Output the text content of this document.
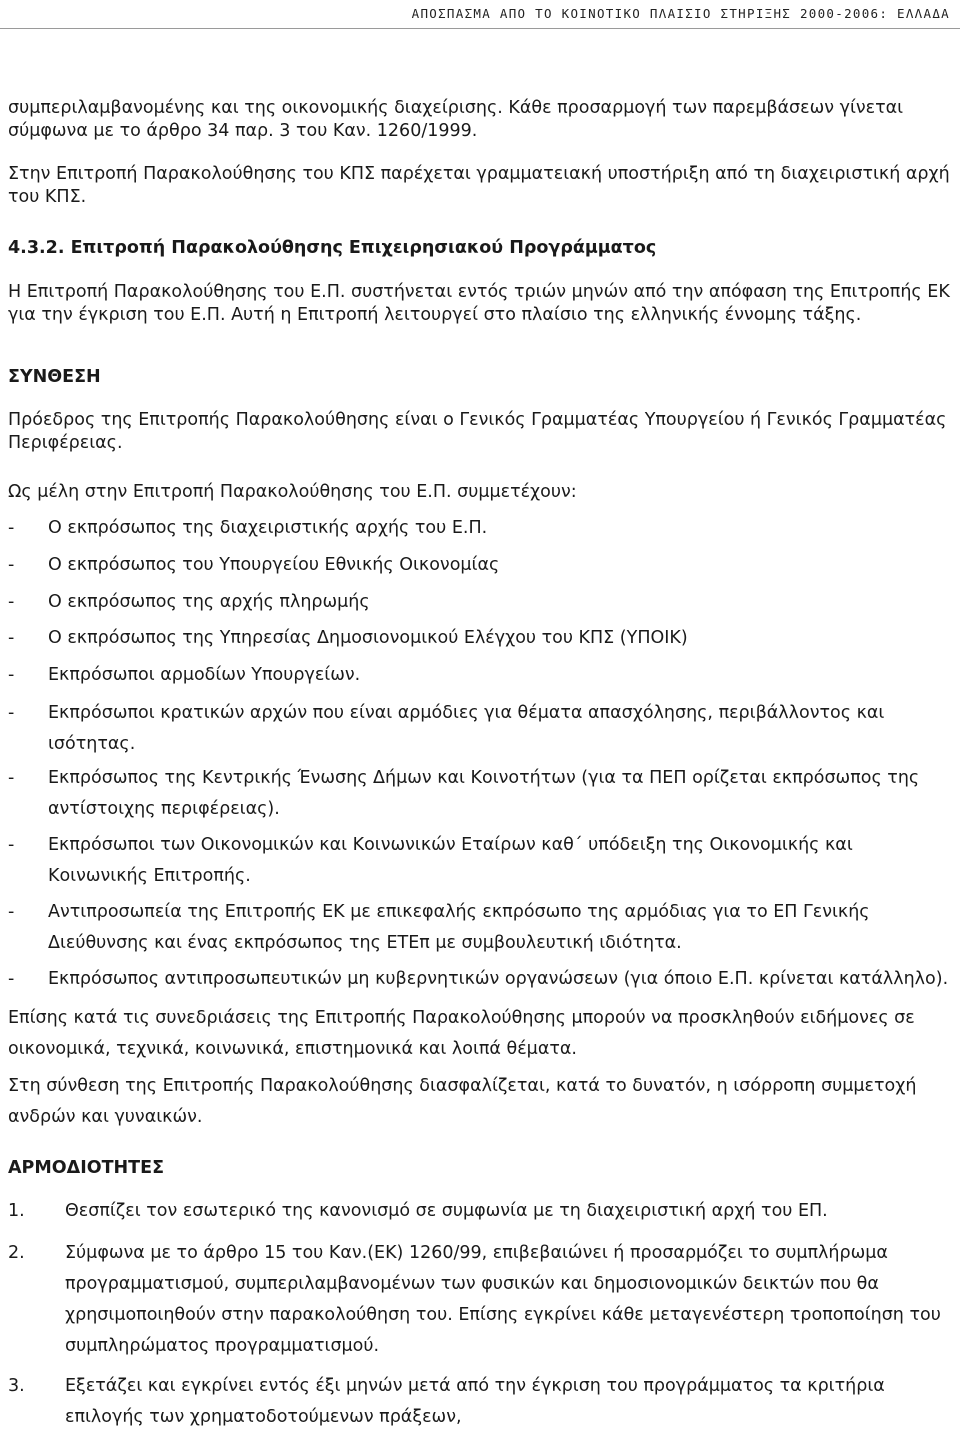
ΑΠΟΣΠΑΣΜΑ ΑΠΟ ΤΟ ΚΟΙΝΟΤΙΚΟ ΠΛΑΙΣΙΟ ΣΤΗΡΙΞΗΣ 2000-2006: ΕΛΛΑΔΑ

συμπεριλαμβανομένης και της οικονομικής διαχείρισης. Κάθε προσαρμογή των παρεμβάσεων γίνεται σύμφωνα με το άρθρο 34 παρ. 3 του Καν. 1260/1999.

Στην Επιτροπή Παρακολούθησης του ΚΠΣ παρέχεται γραμματειακή υποστήριξη από τη διαχειριστική αρχή του ΚΠΣ.

4.3.2. Επιτροπή Παρακολούθησης Επιχειρησιακού Προγράμματος

Η Επιτροπή Παρακολούθησης του Ε.Π. συστήνεται εντός τριών μηνών από την απόφαση της Επιτροπής ΕΚ για την έγκριση του Ε.Π. Αυτή η Επιτροπή λειτουργεί στο πλαίσιο της ελληνικής έννομης τάξης.

ΣΥΝΘΕΣΗ

Πρόεδρος της Επιτροπής Παρακολούθησης είναι ο Γενικός Γραμματέας Υπουργείου ή Γενικός Γραμματέας Περιφέρειας.

Ως μέλη στην Επιτροπή Παρακολούθησης του Ε.Π. συμμετέχουν:

- Ο εκπρόσωπος της διαχειριστικής αρχής του Ε.Π.
- Ο εκπρόσωπος του Υπουργείου Εθνικής Οικονομίας
- Ο εκπρόσωπος της αρχής πληρωμής
- Ο εκπρόσωπος της Υπηρεσίας Δημοσιονομικού Ελέγχου του ΚΠΣ (ΥΠΟΙΚ)
- Εκπρόσωποι αρμοδίων Υπουργείων.
- Εκπρόσωποι κρατικών αρχών που είναι αρμόδιες για θέματα απασχόλησης, περιβάλλοντος και ισότητας.
- Εκπρόσωπος της Κεντρικής Ένωσης Δήμων και Κοινοτήτων (για τα ΠΕΠ ορίζεται εκπρόσωπος της αντίστοιχης περιφέρειας).
- Εκπρόσωποι των Οικονομικών και Κοινωνικών Εταίρων καθ΄ υπόδειξη της Οικονομικής και Κοινωνικής Επιτροπής.
- Αντιπροσωπεία της Επιτροπής ΕΚ με επικεφαλής εκπρόσωπο της αρμόδιας για το ΕΠ Γενικής Διεύθυνσης και ένας εκπρόσωπος της ΕΤΕπ με συμβουλευτική ιδιότητα.
- Εκπρόσωπος αντιπροσωπευτικών μη κυβερνητικών οργανώσεων (για όποιο Ε.Π. κρίνεται κατάλληλο).

Επίσης κατά τις συνεδριάσεις της Επιτροπής Παρακολούθησης μπορούν να προσκληθούν ειδήμονες σε οικονομικά, τεχνικά, κοινωνικά, επιστημονικά και λοιπά θέματα.

Στη σύνθεση της Επιτροπής Παρακολούθησης διασφαλίζεται, κατά το δυνατόν, η ισόρροπη συμμετοχή ανδρών και γυναικών.

ΑΡΜΟΔΙΟΤΗΤΕΣ
1. Θεσπίζει τον εσωτερικό της κανονισμό σε συμφωνία με τη διαχειριστική αρχή του ΕΠ.
2. Σύμφωνα με το άρθρο 15 του Καν.(ΕΚ) 1260/99, επιβεβαιώνει ή προσαρμόζει το συμπλήρωμα προγραμματισμού, συμπεριλαμβανομένων των φυσικών και δημοσιονομικών δεικτών που θα χρησιμοποιηθούν στην παρακολούθηση του. Επίσης εγκρίνει κάθε μεταγενέστερη τροποποίηση του συμπληρώματος προγραμματισμού.
3. Εξετάζει και εγκρίνει εντός έξι μηνών μετά από την έγκριση του προγράμματος τα κριτήρια επιλογής των χρηματοδοτούμενων πράξεων,
